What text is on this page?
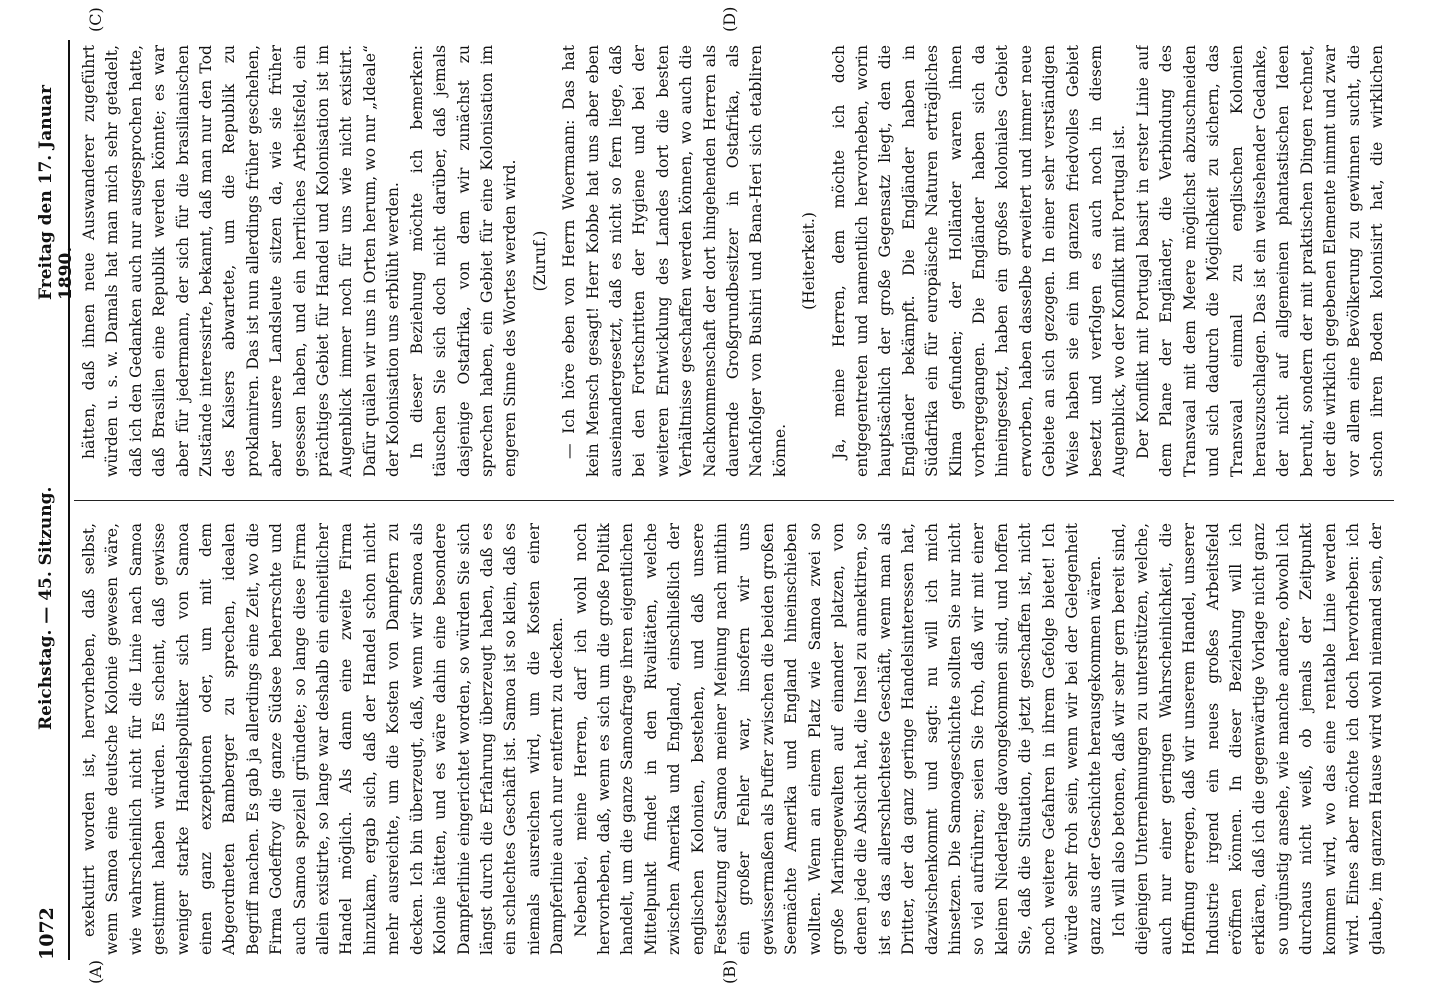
1072
Reichstag. — 45. Sitzung.
Freitag den 17. Januar 1890.
(A)	(B)
(C)	(D)

exekutirt worden ist, hervorheben, daß selbst, wenn Samoa eine deutsche Kolonie gewesen wäre, wie wahrscheinlich nicht für die Linie nach Samoa gestimmt haben würden. Es scheint, daß gewisse weniger starke Handelspolitiker sich von Samoa einen ganz exzeptionen oder, um mit dem Abgeordneten Bamberger zu sprechen, idealen Begriff machen. Es gab ja allerdings eine Zeit, wo die Firma Godeffroy die ganze Südsee beherrschte und auch Samoa speziell gründete; so lange diese Firma allein existirte, so lange war deshalb ein einheitlicher Handel möglich. Als dann eine zweite Firma hinzukam, ergab sich, daß der Handel schon nicht mehr ausreichte, um die Kosten von Dampfern zu decken. Ich bin überzeugt, daß, wenn wir Samoa als Kolonie hätten, und es wäre dahin eine besondere Dampferlinie eingerichtet worden, so würden Sie sich längst durch die Erfahrung überzeugt haben, daß es ein schlechtes Geschäft ist. Samoa ist so klein, daß es niemals ausreichen wird, um die Kosten einer Dampferlinie auch nur entfernt zu decken. Nebenbei, meine Herren, darf ich wohl noch hervorheben, daß, wenn es sich um die große Politik handelt, um die ganze Samoafrage ihren eigentlichen Mittelpunkt findet in den Rivalitäten, welche zwischen Amerika und England, einschließlich der englischen Kolonien, bestehen, und daß unsere Festsetzung auf Samoa meiner Meinung nach mithin ein großer Fehler war, insofern wir uns gewissermaßen als Puffer zwischen die beiden großen Seemächte Amerika und England hineinschieben wollten. Wenn an einem Platz wie Samoa zwei so große Marinegewalten auf einander platzen, von denen jede die Absicht hat, die Insel zu annektiren, so ist es das allerschlechteste Geschäft, wenn man als Dritter, der da ganz geringe Handelsinteressen hat, dazwischenkommt und sagt: nu will ich mich hinsetzen. Die Samoageschichte sollten Sie nur nicht so viel aufrühren; seien Sie froh, daß wir mit einer kleinen Niederlage davongekommen sind, und hoffen Sie, daß die Situation, die jetzt geschaffen ist, nicht noch weitere Gefahren in ihrem Gefolge bietet! Ich würde sehr froh sein, wenn wir bei der Gelegenheit ganz aus der Geschichte herausgekommen wären. Ich will also betonen, daß wir sehr gern bereit sind, diejenigen Unternehmungen zu unterstützen, welche, auch nur einer geringen Wahrscheinlichkeit, die Hoffnung erregen, daß wir unserem Handel, unserer Industrie irgend ein neues großes Arbeitsfeld eröffnen können. In dieser Beziehung will ich erklären, daß ich die gegenwärtige Vorlage nicht ganz so ungünstig ansehe, wie manche andere, obwohl ich durchaus nicht weiß, ob jemals der Zeitpunkt kommen wird, wo das eine rentable Linie werden wird. Eines aber möchte ich doch hervorheben: ich glaube, im ganzen Hause wird wohl niemand sein, der

hätten, daß ihnen neue Auswanderer zugeführt würden u. s. w. Damals hat man mich sehr getadelt, daß ich den Gedanken auch nur ausgesprochen hatte, daß Brasilien eine Republik werden könnte; es war aber für jedermann, der sich für die brasilianischen Zustände interessirte, bekannt, daß man nur den Tod des Kaisers abwartete, um die Republik zu proklamiren. Das ist nun allerdings früher geschehen, aber unsere Landsleute sitzen da, wie sie früher gesessen haben, und ein herrliches Arbeitsfeld, ein prächtiges Gebiet für Handel und Kolonisation ist im Augenblick immer noch für uns wie nicht existirt. Dafür quälen wir uns in Orten herum, wo nur „Ideale“ der Kolonisation uns erblüht werden. In dieser Beziehung möchte ich bemerken: täuschen Sie sich doch nicht darüber, daß jemals dasjenige Ostafrika, von dem wir zunächst zu sprechen haben, ein Gebiet für eine Kolonisation im engeren Sinne des Wortes werden wird. (Zuruf.) — Ich höre eben von Herrn Woermann: Das hat kein Mensch gesagt! Herr Kobbe hat uns aber eben auseinandergesetzt, daß es nicht so fern liege, daß bei den Fortschritten der Hygiene und bei der weiteren Entwicklung des Landes dort die besten Verhältnisse geschaffen werden können, wo auch die Nachkommenschaft der dort hingehenden Herren als dauernde Großgrundbesitzer in Ostafrika, als Nachfolger von Bushiri und Bana-Heri sich etabliren könne.

(Heiterkeit.) Ja, meine Herren, dem möchte ich doch entgegentreten und namentlich hervorheben, worin hauptsächlich der große Gegensatz liegt, den die Engländer bekämpft. Die Engländer haben in Südafrika ein für europäische Naturen erträgliches Klima gefunden; der Holländer waren ihnen vorhergegangen. Die Engländer haben sich da hineingesetzt, haben ein großes koloniales Gebiet erworben, haben dasselbe erweitert und immer neue Gebiete an sich gezogen. In einer sehr verständigen Weise haben sie ein im ganzen friedvolles Gebiet besetzt und verfolgen es auch noch in diesem Augenblick, wo der Konflikt mit Portugal ist. Der Konflikt mit Portugal basirt in erster Linie auf dem Plane der Engländer, die Verbindung des Transvaal mit dem Meere möglichst abzuschneiden und sich dadurch die Möglichkeit zu sichern, das Transvaal einmal zu englischen Kolonien herauszuschlagen. Das ist ein weitsehender Gedanke, der nicht auf allgemeinen phantastischen Ideen beruht, sondern der mit praktischen Dingen rechnet, der die wirklich gegebenen Elemente nimmt und zwar vor allem eine Bevölkerung zu gewinnen sucht, die schon ihren Boden kolonisirt hat, die wirklichen
